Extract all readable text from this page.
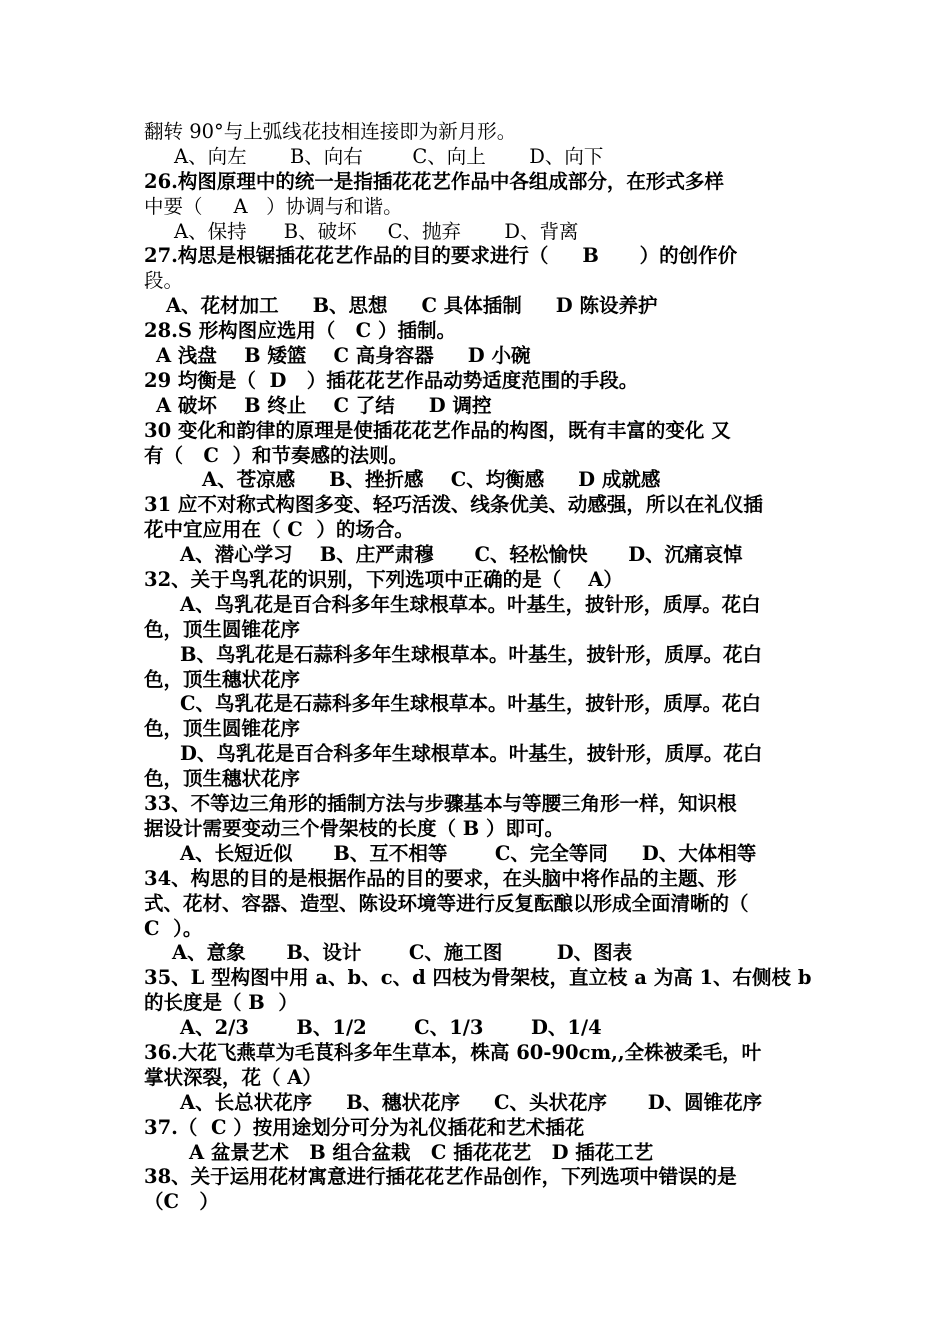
翻转 90°与上弧线花技相连接即为新月形。
A、向左       B、向右        C、向上       D、向下
26.构图原理中的统一是指插花花艺作品中各组成部分，在形式多样
中要（     A   ）协调与和谐。
A、保持      B、破坏     C、抛弃       D、背离
27.构思是根锯插花花艺作品的目的要求进行（     B      ）的创作价
段。
A、花材加工     B、思想     C 具体插制     D 陈设养护
28.S 形构图应选用（   C ）插制。
A 浅盘    B 矮篮    C 高身容器     D 小碗
29 均衡是（  D   ）插花花艺作品动势适度范围的手段。
A 破坏    B 终止    C 了结     D 调控
30 变化和韵律的原理是使插花花艺作品的构图，既有丰富的变化 又
有（   C  ）和节奏感的法则。
A、苍凉感     B、挫折感    C、均衡感     D 成就感
31 应不对称式构图多变、轻巧活泼、线条优美、动感强，所以在礼仪插
花中宜应用在（ C  ）的场合。
A、潜心学习    B、庄严肃穆      C、轻松愉快      D、沉痛哀悼
32、关于鸟乳花的识别，下列选项中正确的是（    A）
A、鸟乳花是百合科多年生球根草本。叶基生，披针形，质厚。花白
色，顶生圆锥花序
B、鸟乳花是石蒜科多年生球根草本。叶基生，披针形，质厚。花白
色，顶生穗状花序
C、鸟乳花是石蒜科多年生球根草本。叶基生，披针形，质厚。花白
色，顶生圆锥花序
D、鸟乳花是百合科多年生球根草本。叶基生，披针形，质厚。花白
色，顶生穗状花序
33、不等边三角形的插制方法与步骤基本与等腰三角形一样，知识根
据设计需要变动三个骨架枝的长度（ B ）即可。
A、长短近似      B、互不相等       C、完全等同     D、大体相等
34、构思的目的是根据作品的目的要求，在头脑中将作品的主题、形
式、花材、容器、造型、陈设环境等进行反复酝酿以形成全面清晰的（
C  ）。
A、意象      B、设计       C、施工图        D、图表
35、L 型构图中用 a、b、c、d 四枝为骨架枝，直立枝 a 为高 1、右侧枝 b
的长度是（ B  ）
A、2/3       B、1/2       C、1/3       D、1/4
36.大花飞燕草为毛茛科多年生草本，株高 60-90cm,,全株被柔毛，叶
掌状深裂，花（ A）
A、长总状花序     B、穗状花序     C、头状花序      D、圆锥花序
37.（  C ）按用途划分可分为礼仪插花和艺术插花
A 盆景艺术   B 组合盆栽   C 插花花艺   D 插花工艺
38、关于运用花材寓意进行插花花艺作品创作，下列选项中错误的是
（C   ）
